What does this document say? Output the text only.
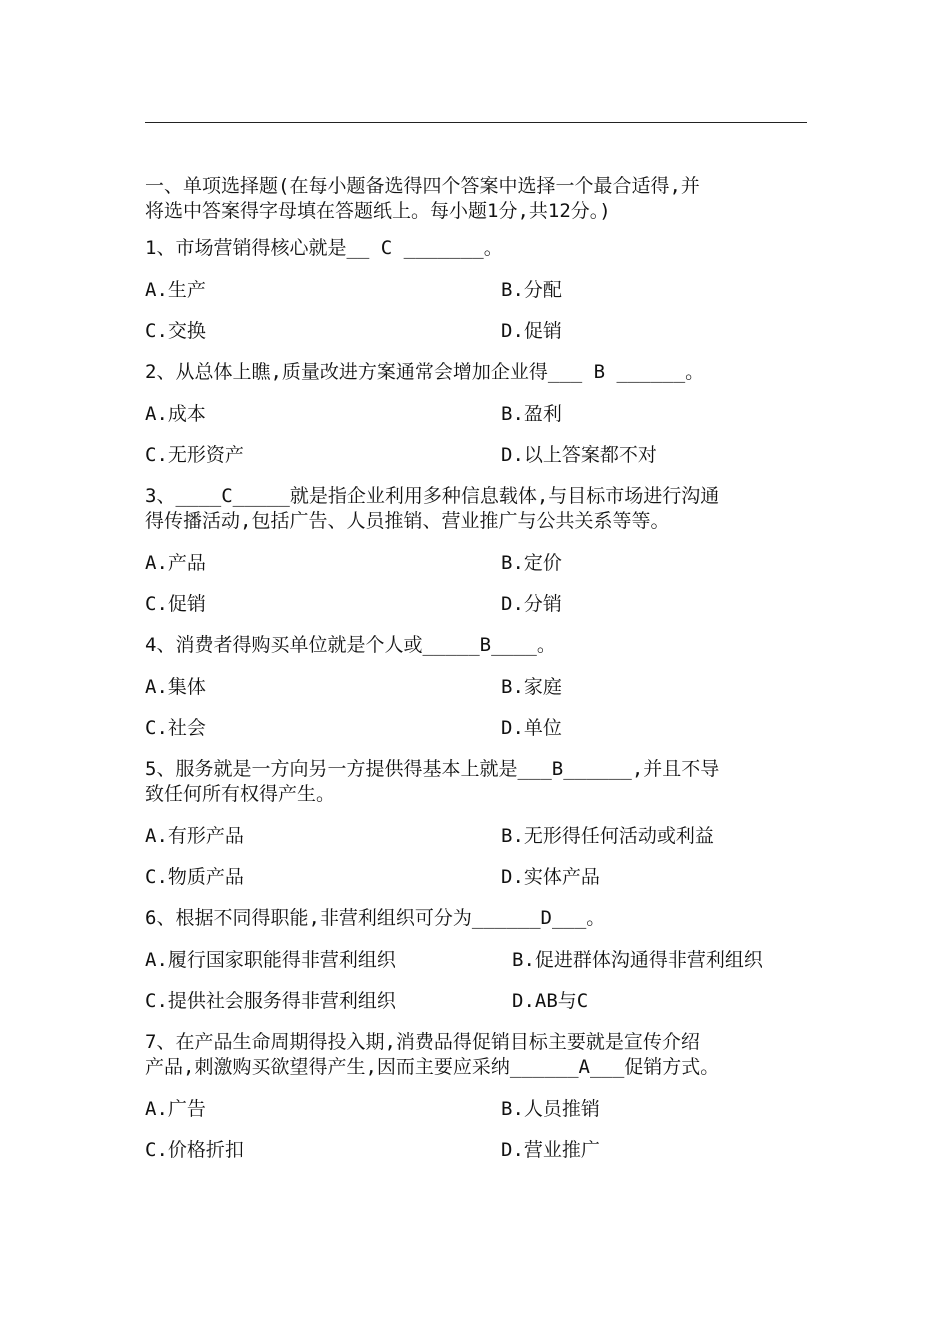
一、单项选择题(在每小题备选得四个答案中选择一个最合适得,并
将选中答案得字母填在答题纸上。每小题1分,共12分。)
1、市场营销得核心就是__ C _______。
A.生产	B.分配
C.交换	D.促销
2、从总体上瞧,质量改进方案通常会增加企业得___ B ______。
A.成本	B.盈利
C.无形资产	D.以上答案都不对
3、____C_____就是指企业利用多种信息载体,与目标市场进行沟通
得传播活动,包括广告、人员推销、营业推广与公共关系等等。
A.产品	B.定价
C.促销	D.分销
4、消费者得购买单位就是个人或_____B____。
A.集体	B.家庭
C.社会	D.单位
5、服务就是一方向另一方提供得基本上就是___B______,并且不导
致任何所有权得产生。
A.有形产品	B.无形得任何活动或利益
C.物质产品	D.实体产品
6、根据不同得职能,非营利组织可分为______D___。
A.履行国家职能得非营利组织	B.促进群体沟通得非营利组织
C.提供社会服务得非营利组织	D.AB与C
7、在产品生命周期得投入期,消费品得促销目标主要就是宣传介绍
产品,刺激购买欲望得产生,因而主要应采纳______A___促销方式。
A.广告	B.人员推销
C.价格折扣	D.营业推广
